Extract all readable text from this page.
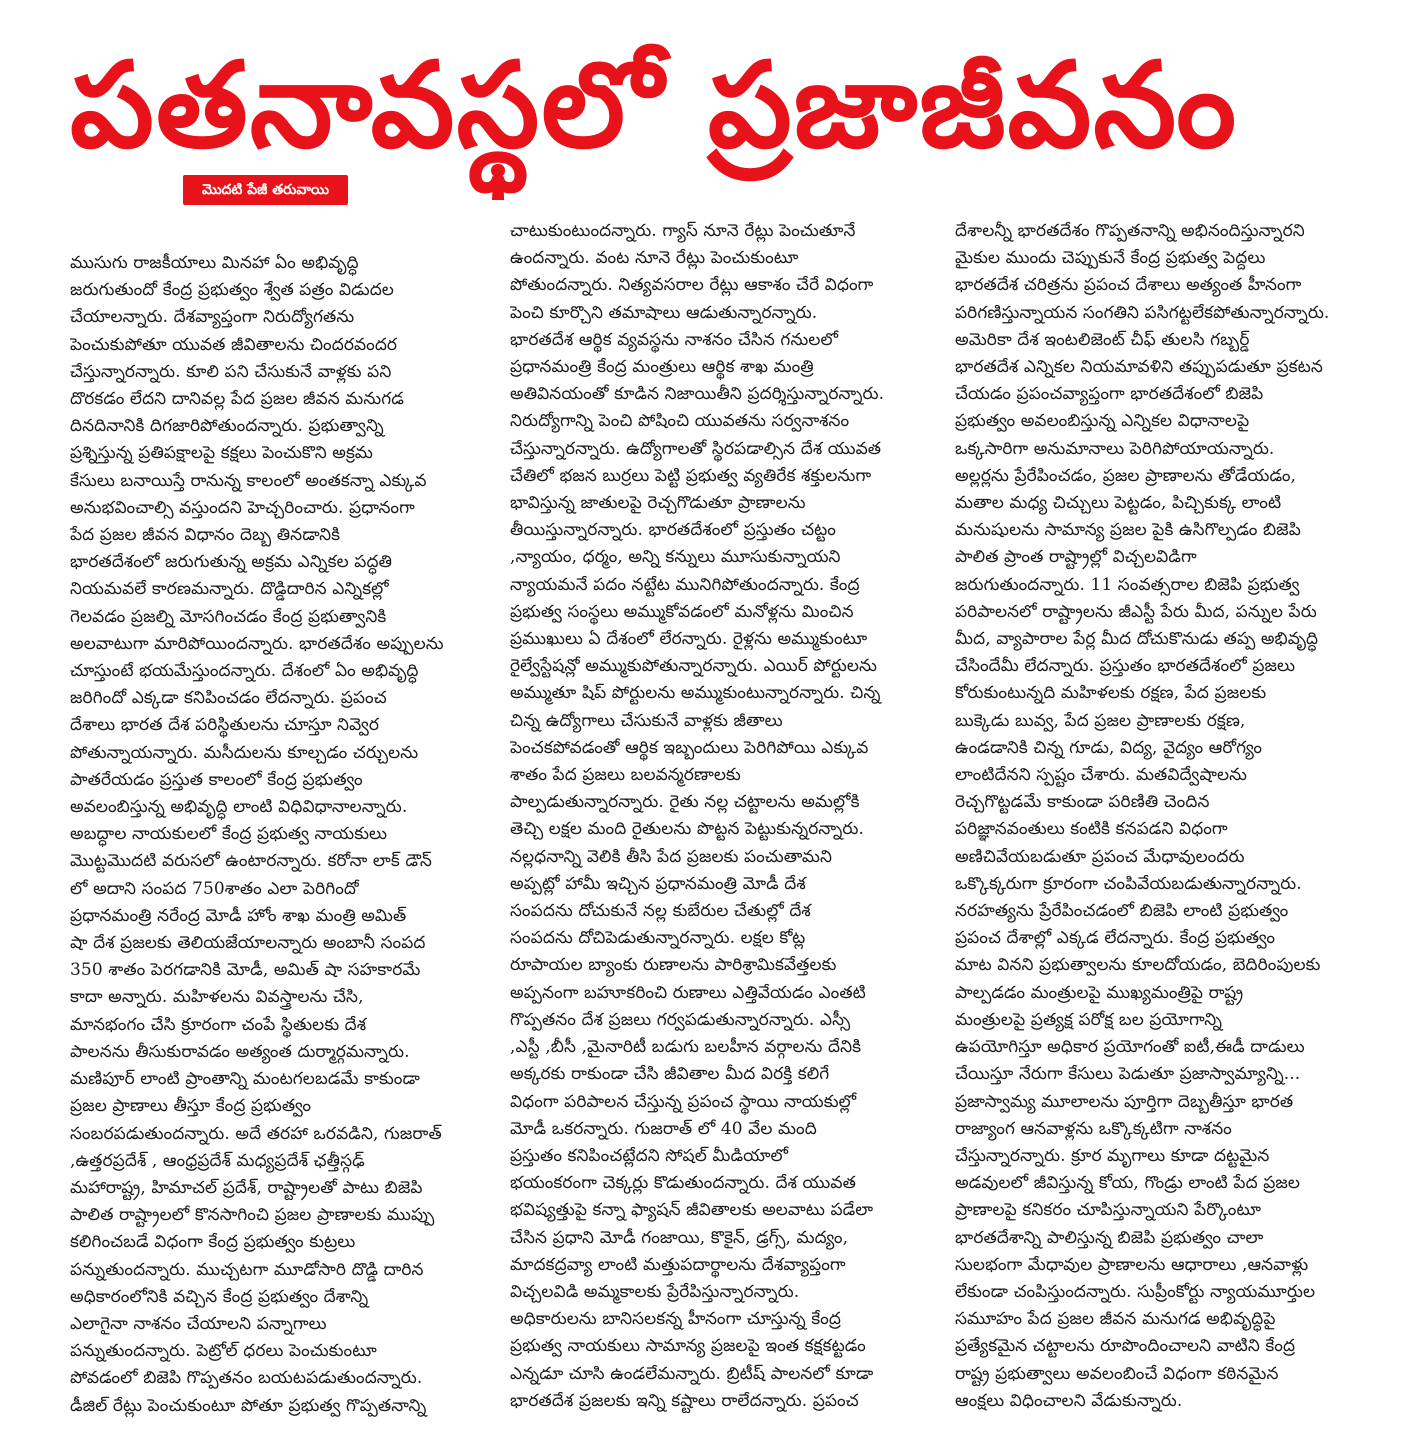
పతనావస్థలో ప్రజాజీవనం
మొదటి పేజీ తరువాయి

ముసుగు రాజకీయాలు మినహా ఏం అభివృద్ధి
జరుగుతుందో కేంద్ర ప్రభుత్వం శ్వేత పత్రం విడుదల
చేయాలన్నారు. దేశవ్యాప్తంగా నిరుద్యోగతను
పెంచుకుపోతూ యువత జీవితాలను చిందరవందర
చేస్తున్నారన్నారు. కూలి పని చేసుకునే వాళ్లకు పని
దొరకడం లేదని దానివల్ల పేద ప్రజల జీవన మనుగడ
దినదినానికి దిగజారిపోతుందన్నారు. ప్రభుత్వాన్ని
ప్రశ్నిస్తున్న ప్రతిపక్షాలపై కక్షలు పెంచుకొని అక్రమ
కేసులు బనాయిస్తే రానున్న కాలంలో అంతకన్నా ఎక్కువ
అనుభవించాల్సి వస్తుందని హెచ్చరించారు. ప్రధానంగా
పేద ప్రజల జీవన విధానం దెబ్బ తినడానికి
భారతదేశంలో జరుగుతున్న అక్రమ ఎన్నికల పద్ధతి
నియమవలే కారణమన్నారు. దొడ్డిదారిన ఎన్నికల్లో
గెలవడం ప్రజల్ని మోసగించడం కేంద్ర ప్రభుత్వానికి
అలవాటుగా మారిపోయిందన్నారు. భారతదేశం అప్పులను
చూస్తుంటే భయమేస్తుందన్నారు. దేశంలో ఏం అభివృద్ధి
జరిగిందో ఎక్కడా కనిపించడం లేదన్నారు. ప్రపంచ
దేశాలు భారత దేశ పరిస్థితులను చూస్తూ నివ్వెర
పోతున్నాయన్నారు. మసీదులను కూల్చడం చర్చులను
పాతరేయడం ప్రస్తుత కాలంలో కేంద్ర ప్రభుత్వం
అవలంబిస్తున్న అభివృద్ధి లాంటి విధివిధానాలన్నారు.
అబద్ధాల నాయకులలో కేంద్ర ప్రభుత్వ నాయకులు
మొట్టమొదటి వరుసలో ఉంటారన్నారు. కరోనా లాక్ డౌన్
లో అదాని సంపద 750శాతం ఎలా పెరిగిందో
ప్రధానమంత్రి నరేంద్ర మోడీ హోం శాఖ మంత్రి అమిత్
షా దేశ ప్రజలకు తెలియజేయాలన్నారు అంబానీ సంపద
350 శాతం పెరగడానికి మోడీ, అమిత్ షా సహకారమే
కాదా అన్నారు. మహిళలను వివస్త్రాలను చేసి,
మానభంగం చేసి క్రూరంగా చంపే స్థితులకు దేశ
పాలనను తీసుకురావడం అత్యంత దుర్మార్గమన్నారు.
మణిపూర్ లాంటి ప్రాంతాన్ని మంటగలబడమే కాకుండా
ప్రజల ప్రాణాలు తీస్తూ కేంద్ర ప్రభుత్వం
సంబరపడుతుందన్నారు. అదే తరహా ఒరవడిని, గుజరాత్
,ఉత్తరప్రదేశ్ , ఆంధ్రప్రదేశ్ మధ్యప్రదేశ్ ఛత్తీస్గఢ్
మహారాష్ట్ర, హిమాచల్ ప్రదేశ్, రాష్ట్రాలతో పాటు బిజెపి
పాలిత రాష్ట్రాలలో కొనసాగించి ప్రజల ప్రాణాలకు ముప్పు
కలిగించబడే విధంగా కేంద్ర ప్రభుత్వం కుట్రలు
పన్నుతుందన్నారు. ముచ్చటగా మూడోసారి దొడ్డి దారిన
అధికారంలోనికి వచ్చిన కేంద్ర ప్రభుత్వం దేశాన్ని
ఎలాగైనా నాశనం చేయాలని పన్నాగాలు
పన్నుతుందన్నారు. పెట్రోల్ ధరలు పెంచుకుంటూ
పోవడంలో బిజెపి గొప్పతనం బయటపడుతుందన్నారు.
డీజిల్ రేట్లు పెంచుకుంటూ పోతూ ప్రభుత్వ గొప్పతనాన్ని

చాటుకుంటుందన్నారు. గ్యాస్ నూనె రేట్లు పెంచుతూనే
ఉందన్నారు. వంట నూనె రేట్లు పెంచుకుంటూ
పోతుందన్నారు. నిత్యవసరాల రేట్లు ఆకాశం చేరే విధంగా
పెంచి కూర్చొని తమాషాలు ఆడుతున్నారన్నారు.
భారతదేశ ఆర్థిక వ్యవస్థను నాశనం చేసిన గనులలో
ప్రధానమంత్రి కేంద్ర మంత్రులు ఆర్థిక శాఖ మంత్రి
అతివినయంతో కూడిన నిజాయితీని ప్రదర్శిస్తున్నారన్నారు.
నిరుద్యోగాన్ని పెంచి పోషించి యువతను సర్వనాశనం
చేస్తున్నారన్నారు. ఉద్యోగాలతో స్థిరపడాల్సిన దేశ యువత
చేతిలో భజన బుర్రలు పెట్టి ప్రభుత్వ వ్యతిరేక శక్తులనుగా
భావిస్తున్న జాతులపై రెచ్చగొడుతూ ప్రాణాలను
తీయిస్తున్నారన్నారు. భారతదేశంలో ప్రస్తుతం చట్టం
,న్యాయం, ధర్మం, అన్ని కన్నులు మూసుకున్నాయని
న్యాయమనే పదం నట్టేట మునిగిపోతుందన్నారు. కేంద్ర
ప్రభుత్వ సంస్థలు అమ్ముకోవడంలో మనోళ్లను మించిన
ప్రముఖులు ఏ దేశంలో లేరన్నారు. రైళ్లను అమ్ముకుంటూ
రైల్వేస్టేషన్లో అమ్ముకుపోతున్నారన్నారు. ఎయిర్ పోర్టులను
అమ్ముతూ షిప్ పోర్టులను అమ్ముకుంటున్నారన్నారు. చిన్న
చిన్న ఉద్యోగాలు చేసుకునే వాళ్లకు జీతాలు
పెంచకపోవడంతో ఆర్థిక ఇబ్బందులు పెరిగిపోయి ఎక్కువ
శాతం పేద ప్రజలు బలవన్మరణాలకు
పాల్పడుతున్నారన్నారు. రైతు నల్ల చట్టాలను అమల్లోకి
తెచ్చి లక్షల మంది రైతులను పొట్టన పెట్టుకున్నరన్నారు.
నల్లధనాన్ని వెలికి తీసి పేద ప్రజలకు పంచుతామని
అప్పట్లో హామీ ఇచ్చిన ప్రధానమంత్రి మోడీ దేశ
సంపదను దోచుకునే నల్ల కుబేరుల చేతుల్లో దేశ
సంపదను దోచిపెడుతున్నారన్నారు. లక్షల కోట్ల
రూపాయల బ్యాంకు రుణాలను పారిశ్రామికవేత్తలకు
అప్పనంగా బహూకరించి రుణాలు ఎత్తివేయడం ఎంతటి
గొప్పతనం దేశ ప్రజలు గర్వపడుతున్నారన్నారు. ఎస్సీ
,ఎస్టీ ,బీసీ ,మైనారిటీ బడుగు బలహీన వర్గాలను దేనికి
అక్కరకు రాకుండా చేసి జీవితాల మీద విరక్తి కలిగే
విధంగా పరిపాలన చేస్తున్న ప్రపంచ స్థాయి నాయకుల్లో
మోడీ ఒకరన్నారు. గుజరాత్ లో 40 వేల మంది
ప్రస్తుతం కనిపించట్లేదని సోషల్ మీడియాలో
భయంకరంగా చెక్కర్లు కొడుతుందన్నారు. దేశ యువత
భవిష్యత్తుపై కన్నా ఫ్యాషన్ జీవితాలకు అలవాటు పడేలా
చేసిన ప్రధాని మోడీ గంజాయి, కొకైన్, డ్రగ్స్, మద్యం,
మాదకద్రవ్యా లాంటి మత్తుపదార్థాలను దేశవ్యాప్తంగా
విచ్చలవిడి అమ్మకాలకు ప్రేరేపిస్తున్నారన్నారు.
అధికారులను బానిసలకన్న హీనంగా చూస్తున్న కేంద్ర
ప్రభుత్వ నాయకులు సామాన్య ప్రజలపై ఇంత కక్షకట్టడం
ఎన్నడూ చూసి ఉండలేమన్నారు. బ్రిటీష్ పాలనలో కూడా
భారతదేశ ప్రజలకు ఇన్ని కష్టాలు రాలేదన్నారు. ప్రపంచ

దేశాలన్నీ భారతదేశం గొప్పతనాన్ని అభినందిస్తున్నారని
మైకుల ముందు చెప్పుకునే కేంద్ర ప్రభుత్వ పెద్దలు
భారతదేశ చరిత్రను ప్రపంచ దేశాలు అత్యంత హీనంగా
పరిగణిస్తున్నాయన సంగతిని పసిగట్టలేకపోతున్నారన్నారు.
అమెరికా దేశ ఇంటలిజెంట్ చీఫ్ తులసి గబ్బర్డ్
భారతదేశ ఎన్నికల నియమావళిని తప్పుపడుతూ ప్రకటన
చేయడం ప్రపంచవ్యాప్తంగా భారతదేశంలో బిజెపి
ప్రభుత్వం అవలంబిస్తున్న ఎన్నికల విధానాలపై
ఒక్కసారిగా అనుమానాలు పెరిగిపోయాయన్నారు.
అల్లర్లను ప్రేరేపించడం, ప్రజల ప్రాణాలను తోడేయడం,
మతాల మధ్య చిచ్చులు పెట్టడం, పిచ్చికుక్క లాంటి
మనుషులను సామాన్య ప్రజల పైకి ఉసిగొల్పడం బిజెపి
పాలిత ప్రాంత రాష్ట్రాల్లో విచ్చలవిడిగా
జరుగుతుందన్నారు. 11 సంవత్సరాల బిజెపి ప్రభుత్వ
పరిపాలనలో రాష్ట్రాలను జీఎస్టీ పేరు మీద, పన్నుల పేరు
మీద, వ్యాపారాల పేర్ల మీద దోచుకొనుడు తప్ప అభివృద్ధి
చేసిందేమీ లేదన్నారు. ప్రస్తుతం భారతదేశంలో ప్రజలు
కోరుకుంటున్నది మహిళలకు రక్షణ, పేద ప్రజలకు
బుక్కెడు బువ్వ, పేద ప్రజల ప్రాణాలకు రక్షణ,
ఉండడానికి చిన్న గూడు, విద్య, వైద్యం ఆరోగ్యం
లాంటిదేనని స్పష్టం చేశారు. మతవిద్వేషాలను
రెచ్చగొట్టడమే కాకుండా పరిణితి చెందిన
పరిజ్ఞానవంతులు కంటికి కనపడని విధంగా
అణిచివేయబడుతూ ప్రపంచ మేధావులందరు
ఒక్కొక్కరుగా క్రూరంగా చంపివేయబడుతున్నారన్నారు.
నరహత్యను ప్రేరేపించడంలో బిజెపి లాంటి ప్రభుత్వం
ప్రపంచ దేశాల్లో ఎక్కడ లేదన్నారు. కేంద్ర ప్రభుత్వం
మాట వినని ప్రభుత్వాలను కూలదోయడం, బెదిరింపులకు
పాల్పడడం మంత్రులపై ముఖ్యమంత్రిపై రాష్ట్ర
మంత్రులపై ప్రత్యక్ష పరోక్ష బల ప్రయోగాన్ని
ఉపయోగిస్తూ అధికార ప్రయోగంతో ఐటీ,ఈడీ దాడులు
చేయిస్తూ నేరుగా కేసులు పెడుతూ ప్రజాస్వామ్యాన్ని...
ప్రజాస్వామ్య మూలాలను పూర్తిగా దెబ్బతీస్తూ భారత
రాజ్యాంగ ఆనవాళ్లను ఒక్కొక్కటిగా నాశనం
చేస్తున్నారన్నారు. క్రూర మృగాలు కూడా దట్టమైన
అడవులలో జీవిస్తున్న కోయ, గొండ్రు లాంటి పేద ప్రజల
ప్రాణాలపై కనికరం చూపిస్తున్నాయని పేర్కొంటూ
భారతదేశాన్ని పాలిస్తున్న బిజెపి ప్రభుత్వం చాలా
సులభంగా మేధావుల ప్రాణాలను ఆధారాలు ,ఆనవాళ్లు
లేకుండా చంపిస్తుందన్నారు. సుప్రీంకోర్టు న్యాయమూర్తుల
సమూహం పేద ప్రజల జీవన మనుగడ అభివృద్ధిపై
ప్రత్యేకమైన చట్టాలను రూపొందించాలని వాటిని కేంద్ర
రాష్ట్ర ప్రభుత్వాలు అవలంబించే విధంగా కఠినమైన
ఆంక్షలు విధించాలని వేడుకున్నారు.
